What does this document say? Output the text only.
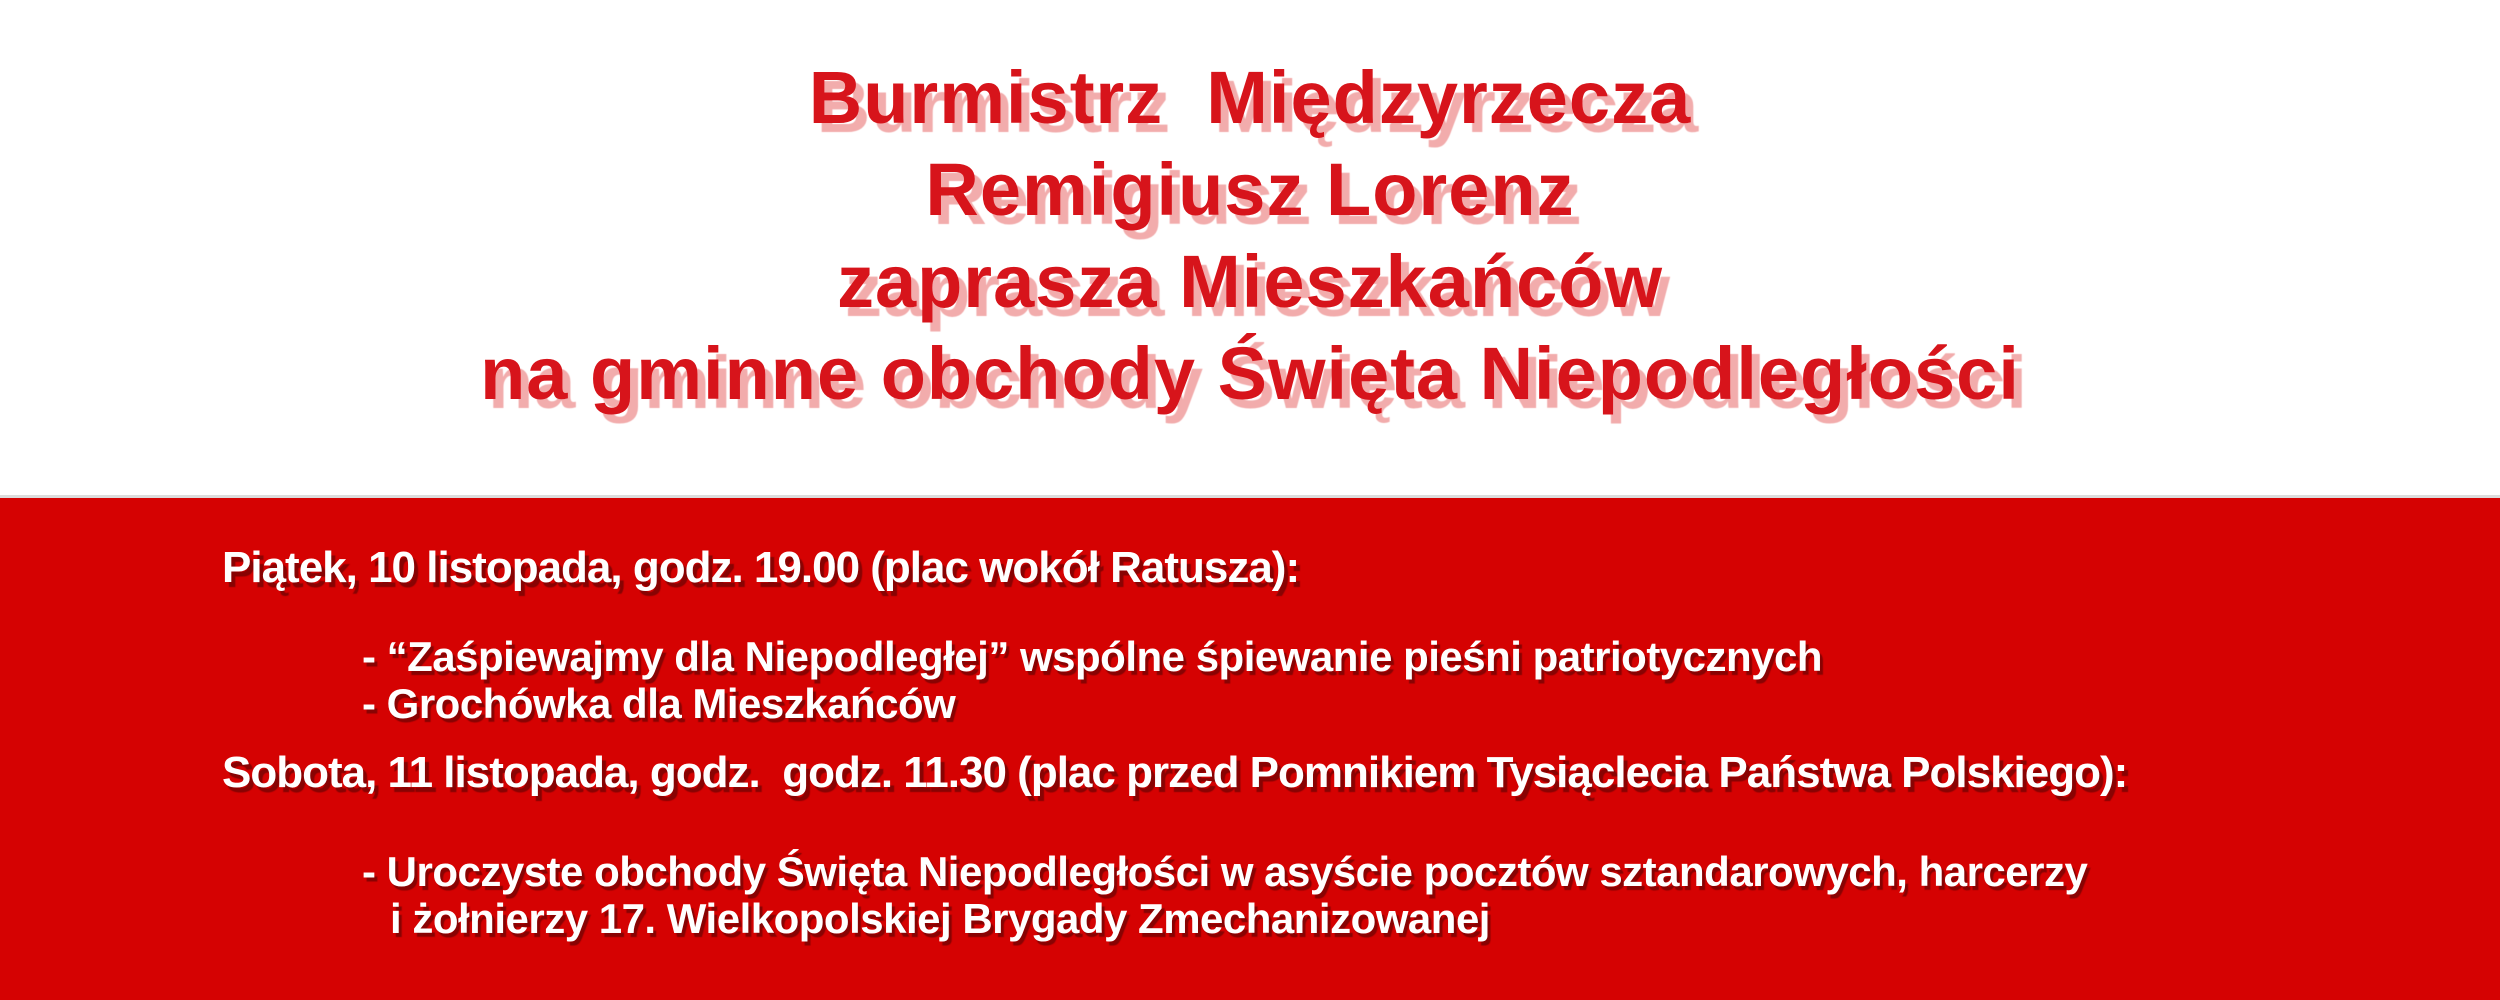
Burmistrz  Międzyrzecza
Remigiusz Lorenz
zaprasza Mieszkańców
na gminne obchody Święta Niepodległości
Piątek, 10 listopada, godz. 19.00 (plac wokół Ratusza):
- “Zaśpiewajmy dla Niepodległej” wspólne śpiewanie pieśni patriotycznych
- Grochówka dla Mieszkańców
Sobota, 11 listopada, godz.  godz. 11.30 (plac przed Pomnikiem Tysiąclecia Państwa Polskiego):
- Uroczyste obchody Święta Niepodległości w asyście pocztów sztandarowych, harcerzy
i żołnierzy 17. Wielkopolskiej Brygady Zmechanizowanej
